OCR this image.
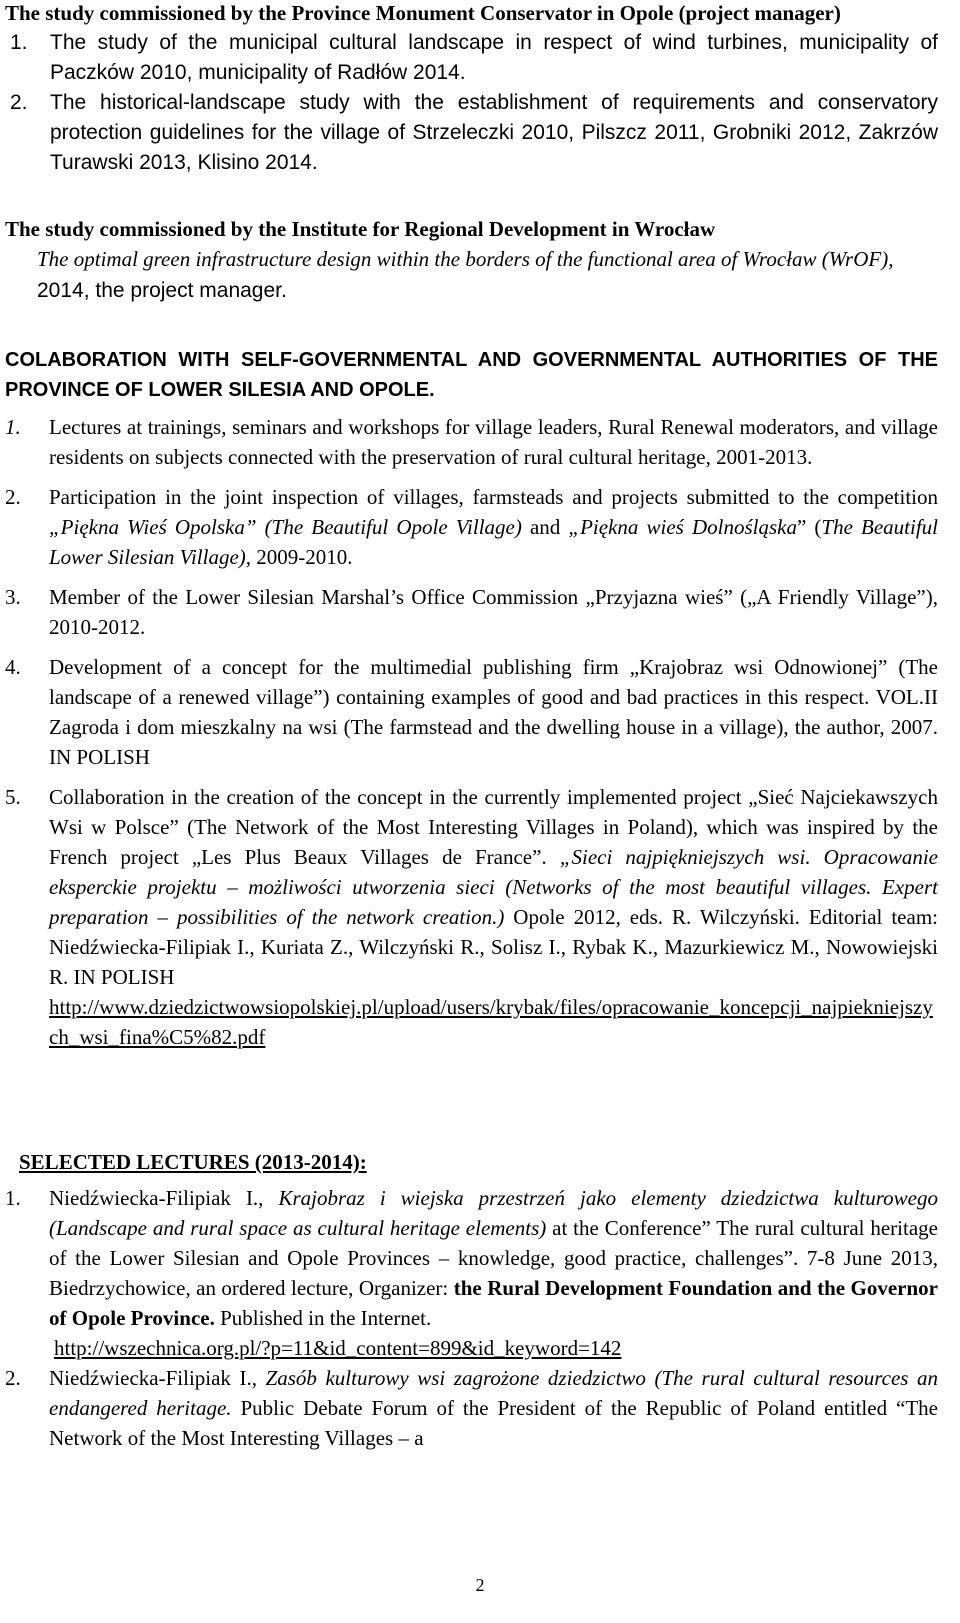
The study commissioned by the Province Monument Conservator in Opole (project manager)
1. The study of the municipal cultural landscape in respect of wind turbines, municipality of Paczków 2010, municipality of Radłów 2014.
2. The historical-landscape study with the establishment of requirements and conservatory protection guidelines for the village of Strzeleczki 2010, Pilszcz 2011, Grobniki 2012, Zakrzów Turawski 2013, Klisino 2014.
The study commissioned by the Institute for Regional Development in Wrocław
The optimal green infrastructure design within the borders of the functional area of Wrocław (WrOF), 2014, the project manager.
COLABORATION WITH SELF-GOVERNMENTAL AND GOVERNMENTAL AUTHORITIES OF THE PROVINCE OF LOWER SILESIA AND OPOLE.
1. Lectures at trainings, seminars and workshops for village leaders, Rural Renewal moderators, and village residents on subjects connected with the preservation of rural cultural heritage, 2001-2013.
2. Participation in the joint inspection of villages, farmsteads and projects submitted to the competition „Piękna Wieś Opolska” (The Beautiful Opole Village) and „Piękna wieś Dolnośląska” (The Beautiful Lower Silesian Village), 2009-2010.
3. Member of the Lower Silesian Marshal’s Office Commission „Przyjazna wieś” („A Friendly Village”), 2010-2012.
4. Development of a concept for the multimedial publishing firm „Krajobraz wsi Odnowionej” (The landscape of a renewed village”) containing examples of good and bad practices in this respect. VOL.II Zagroda i dom mieszkalny na wsi (The farmstead and the dwelling house in a village), the author, 2007. IN POLISH
5. Collaboration in the creation of the concept in the currently implemented project „Sieć Najciekawszych Wsi w Polsce” (The Network of the Most Interesting Villages in Poland), which was inspired by the French project „Les Plus Beaux Villages de France”. „Sieci najpiękniejszych wsi. Opracowanie eksperckie projektu – możliwości utworzenia sieci (Networks of the most beautiful villages. Expert preparation – possibilities of the network creation.) Opole 2012, eds. R. Wilczyński. Editorial team: Niedźwiecka-Filipiak I., Kuriata Z., Wilczyński R., Solisz I., Rybak K., Mazurkiewicz M., Nowowiejski R. IN POLISH
http://www.dziedzictwowsiopolskiej.pl/upload/users/krybak/files/opracowanie_koncepcji_najpiekniejszych_wsi_fina%C5%82.pdf
SELECTED LECTURES (2013-2014):
1. Niedźwiecka-Filipiak I., Krajobraz i wiejska przestrzeń jako elementy dziedzictwa kulturowego (Landscape and rural space as cultural heritage elements) at the Conference” The rural cultural heritage of the Lower Silesian and Opole Provinces – knowledge, good practice, challenges”. 7-8 June 2013, Biedrzychowice, an ordered lecture, Organizer: the Rural Development Foundation and the Governor of Opole Province. Published in the Internet.
http://wszechnica.org.pl/?p=11&id_content=899&id_keyword=142
2. Niedźwiecka-Filipiak I., Zasób kulturowy wsi zagrożone dziedzictwo (The rural cultural resources an endangered heritage. Public Debate Forum of the President of the Republic of Poland entitled “The Network of the Most Interesting Villages – a
2
